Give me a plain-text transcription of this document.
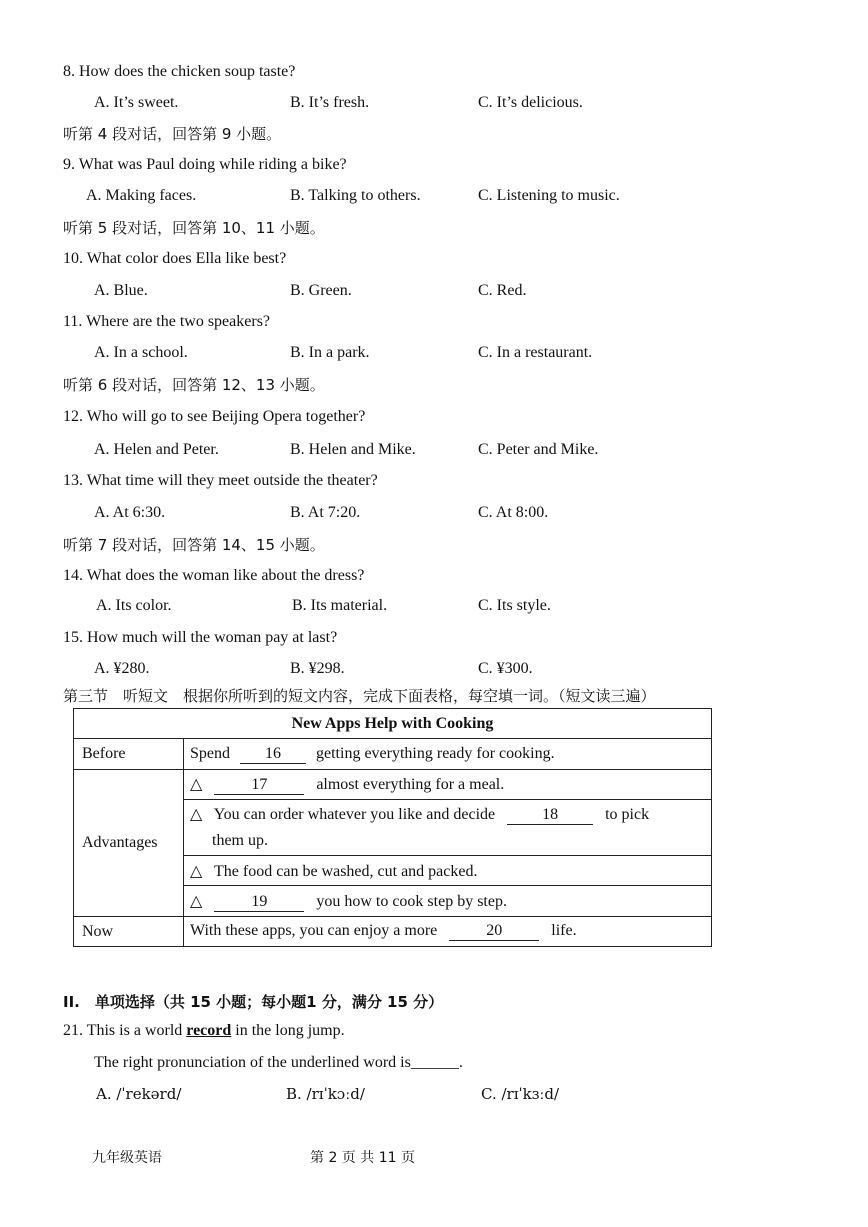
8. How does the chicken soup taste?
A. It’s sweet.	B. It’s fresh.	C. It’s delicious.
听第 4 段对话，回答第 9 小题。
9. What was Paul doing while riding a bike?
A. Making faces.	B. Talking to others.	C. Listening to music.
听第 5 段对话，回答第 10、11 小题。
10. What color does Ella like best?
A. Blue.	B. Green.	C. Red.
11. Where are the two speakers?
A. In a school.	B. In a park.	C. In a restaurant.
听第 6 段对话，回答第 12、13 小题。
12. Who will go to see Beijing Opera together?
A. Helen and Peter.	B. Helen and Mike.	C. Peter and Mike.
13. What time will they meet outside the theater?
A. At 6:30.	B. At 7:20.	C. At 8:00.
听第 7 段对话，回答第 14、15 小题。
14. What does the woman like about the dress?
A. Its color.	B. Its material.	C. Its style.
15. How much will the woman pay at last?
A. ¥280.	B. ¥298.	C. ¥300.
第三节　听短文　根据你所听到的短文内容，完成下面表格，每空填一词。（短文读三遍）
New Apps Help with Cooking	
Before	Spend 16 getting everything ready for cooking.
Advantages	△ 17 almost everything for a meal.
	△ You can order whatever you like and decide 18 to pick
them up.
	△ The food can be washed, cut and packed.
	△ 19 you how to cook step by step.
Now	With these apps, you can enjoy a more 20 life.
II.　单项选择（共 15 小题；每小题1 分，满分 15 分）
21. This is a world record in the long jump.
The right pronunciation of the underlined word is______.
A. /ˈrekərd/	B. /rɪˈkɔːd/	C. /rɪˈkɜːd/
九年级英语	第 2 页 共 11 页
